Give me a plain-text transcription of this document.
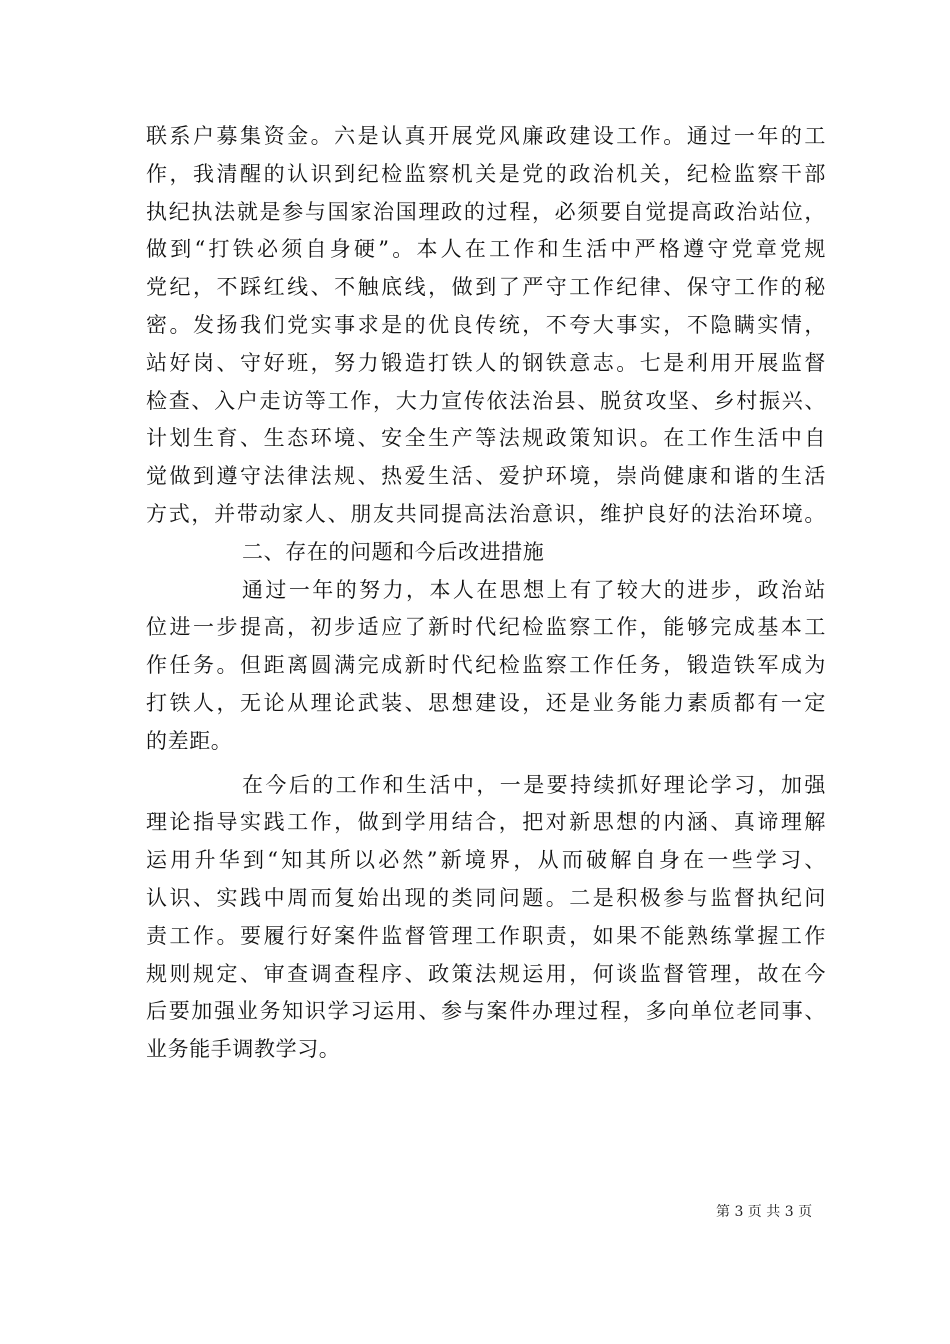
联系户募集资金。六是认真开展党风廉政建设工作。通过一年的工
作，我清醒的认识到纪检监察机关是党的政治机关，纪检监察干部
执纪执法就是参与国家治国理政的过程，必须要自觉提高政治站位，
做到“打铁必须自身硬”。本人在工作和生活中严格遵守党章党规
党纪，不踩红线、不触底线，做到了严守工作纪律、保守工作的秘
密。发扬我们党实事求是的优良传统，不夸大事实，不隐瞒实情，
站好岗、守好班，努力锻造打铁人的钢铁意志。七是利用开展监督
检查、入户走访等工作，大力宣传依法治县、脱贫攻坚、乡村振兴、
计划生育、生态环境、安全生产等法规政策知识。在工作生活中自
觉做到遵守法律法规、热爱生活、爱护环境，崇尚健康和谐的生活
方式，并带动家人、朋友共同提高法治意识，维护良好的法治环境。
二、存在的问题和今后改进措施
通过一年的努力，本人在思想上有了较大的进步，政治站
位进一步提高，初步适应了新时代纪检监察工作，能够完成基本工
作任务。但距离圆满完成新时代纪检监察工作任务，锻造铁军成为
打铁人，无论从理论武装、思想建设，还是业务能力素质都有一定
的差距。
在今后的工作和生活中，一是要持续抓好理论学习，加强
理论指导实践工作，做到学用结合，把对新思想的内涵、真谛理解
运用升华到“知其所以必然”新境界，从而破解自身在一些学习、
认识、实践中周而复始出现的类同问题。二是积极参与监督执纪问
责工作。要履行好案件监督管理工作职责，如果不能熟练掌握工作
规则规定、审查调查程序、政策法规运用，何谈监督管理，故在今
后要加强业务知识学习运用、参与案件办理过程，多向单位老同事、
业务能手调教学习。
第 3 页 共 3 页
